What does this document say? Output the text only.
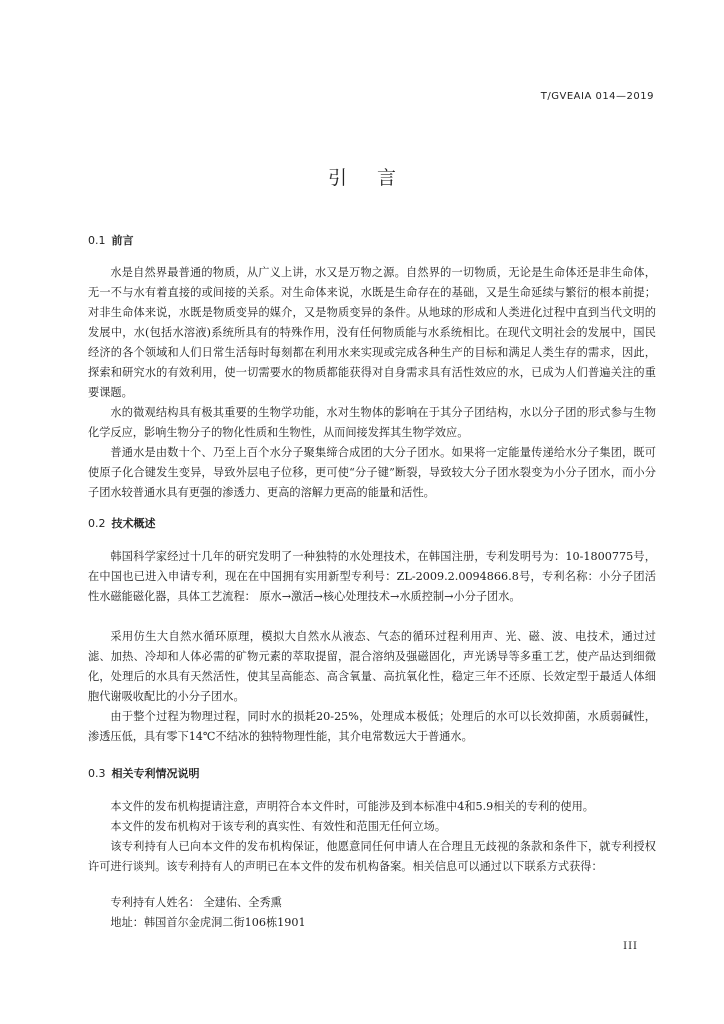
T/GVEAIA 014—2019
引言
0.1 前言

水是自然界最普通的物质，从广义上讲，水又是万物之源。自然界的一切物质，无论是生命体还是非生命体，无一不与水有着直接的或间接的关系。对生命体来说，水既是生命存在的基础，又是生命延续与繁衍的根本前提；对非生命体来说，水既是物质变异的媒介，又是物质变异的条件。从地球的形成和人类进化过程中直到当代文明的发展中，水(包括水溶液)系统所具有的特殊作用，没有任何物质能与水系统相比。在现代文明社会的发展中，国民经济的各个领域和人们日常生活每时每刻都在利用水来实现或完成各种生产的目标和满足人类生存的需求，因此，探索和研究水的有效利用，使一切需要水的物质都能获得对自身需求具有活性效应的水，已成为人们普遍关注的重要课题。

水的微观结构具有极其重要的生物学功能，水对生物体的影响在于其分子团结构，水以分子团的形式参与生物化学反应，影响生物分子的物化性质和生物性，从而间接发挥其生物学效应。

普通水是由数十个、乃至上百个水分子聚集缔合成团的大分子团水。如果将一定能量传递给水分子集团，既可使原子化合键发生变异，导致外层电子位移，更可使“分子键”断裂，导致较大分子团水裂变为小分子团水，而小分子团水较普通水具有更强的渗透力、更高的溶解力更高的能量和活性。

0.2 技术概述

韩国科学家经过十几年的研究发明了一种独特的水处理技术，在韩国注册，专利发明号为：10-1800775号，在中国也已进入申请专利，现在在中国拥有实用新型专利号：ZL-2009.2.0094866.8号，专利名称：小分子团活性水磁能磁化器，具体工艺流程： 原水→激活→核心处理技术→水质控制→小分子团水。

采用仿生大自然水循环原理，模拟大自然水从液态、气态的循环过程利用声、光、磁、波、电技术，通过过滤、加热、冷却和人体必需的矿物元素的萃取提留，混合溶纳及强磁固化，声光诱导等多重工艺，使产品达到细微化，处理后的水具有天然活性，使其呈高能态、高含氧量、高抗氧化性，稳定三年不还原、长效定型于最适人体细胞代谢吸收配比的小分子团水。

由于整个过程为物理过程，同时水的损耗20-25%，处理成本极低；处理后的水可以长效抑菌，水质弱碱性，渗透压低，具有零下14℃不结冰的独特物理性能，其介电常数远大于普通水。

0.3 相关专利情况说明

本文件的发布机构提请注意，声明符合本文件时，可能涉及到本标准中4和5.9相关的专利的使用。

本文件的发布机构对于该专利的真实性、有效性和范围无任何立场。

该专利持有人已向本文件的发布机构保证，他愿意同任何申请人在合理且无歧视的条款和条件下，就专利授权许可进行谈判。该专利持有人的声明已在本文件的发布机构备案。相关信息可以通过以下联系方式获得：

专利持有人姓名： 全建佑、全秀熏

地址：韩国首尔金虎洞二街106栋1901

III
